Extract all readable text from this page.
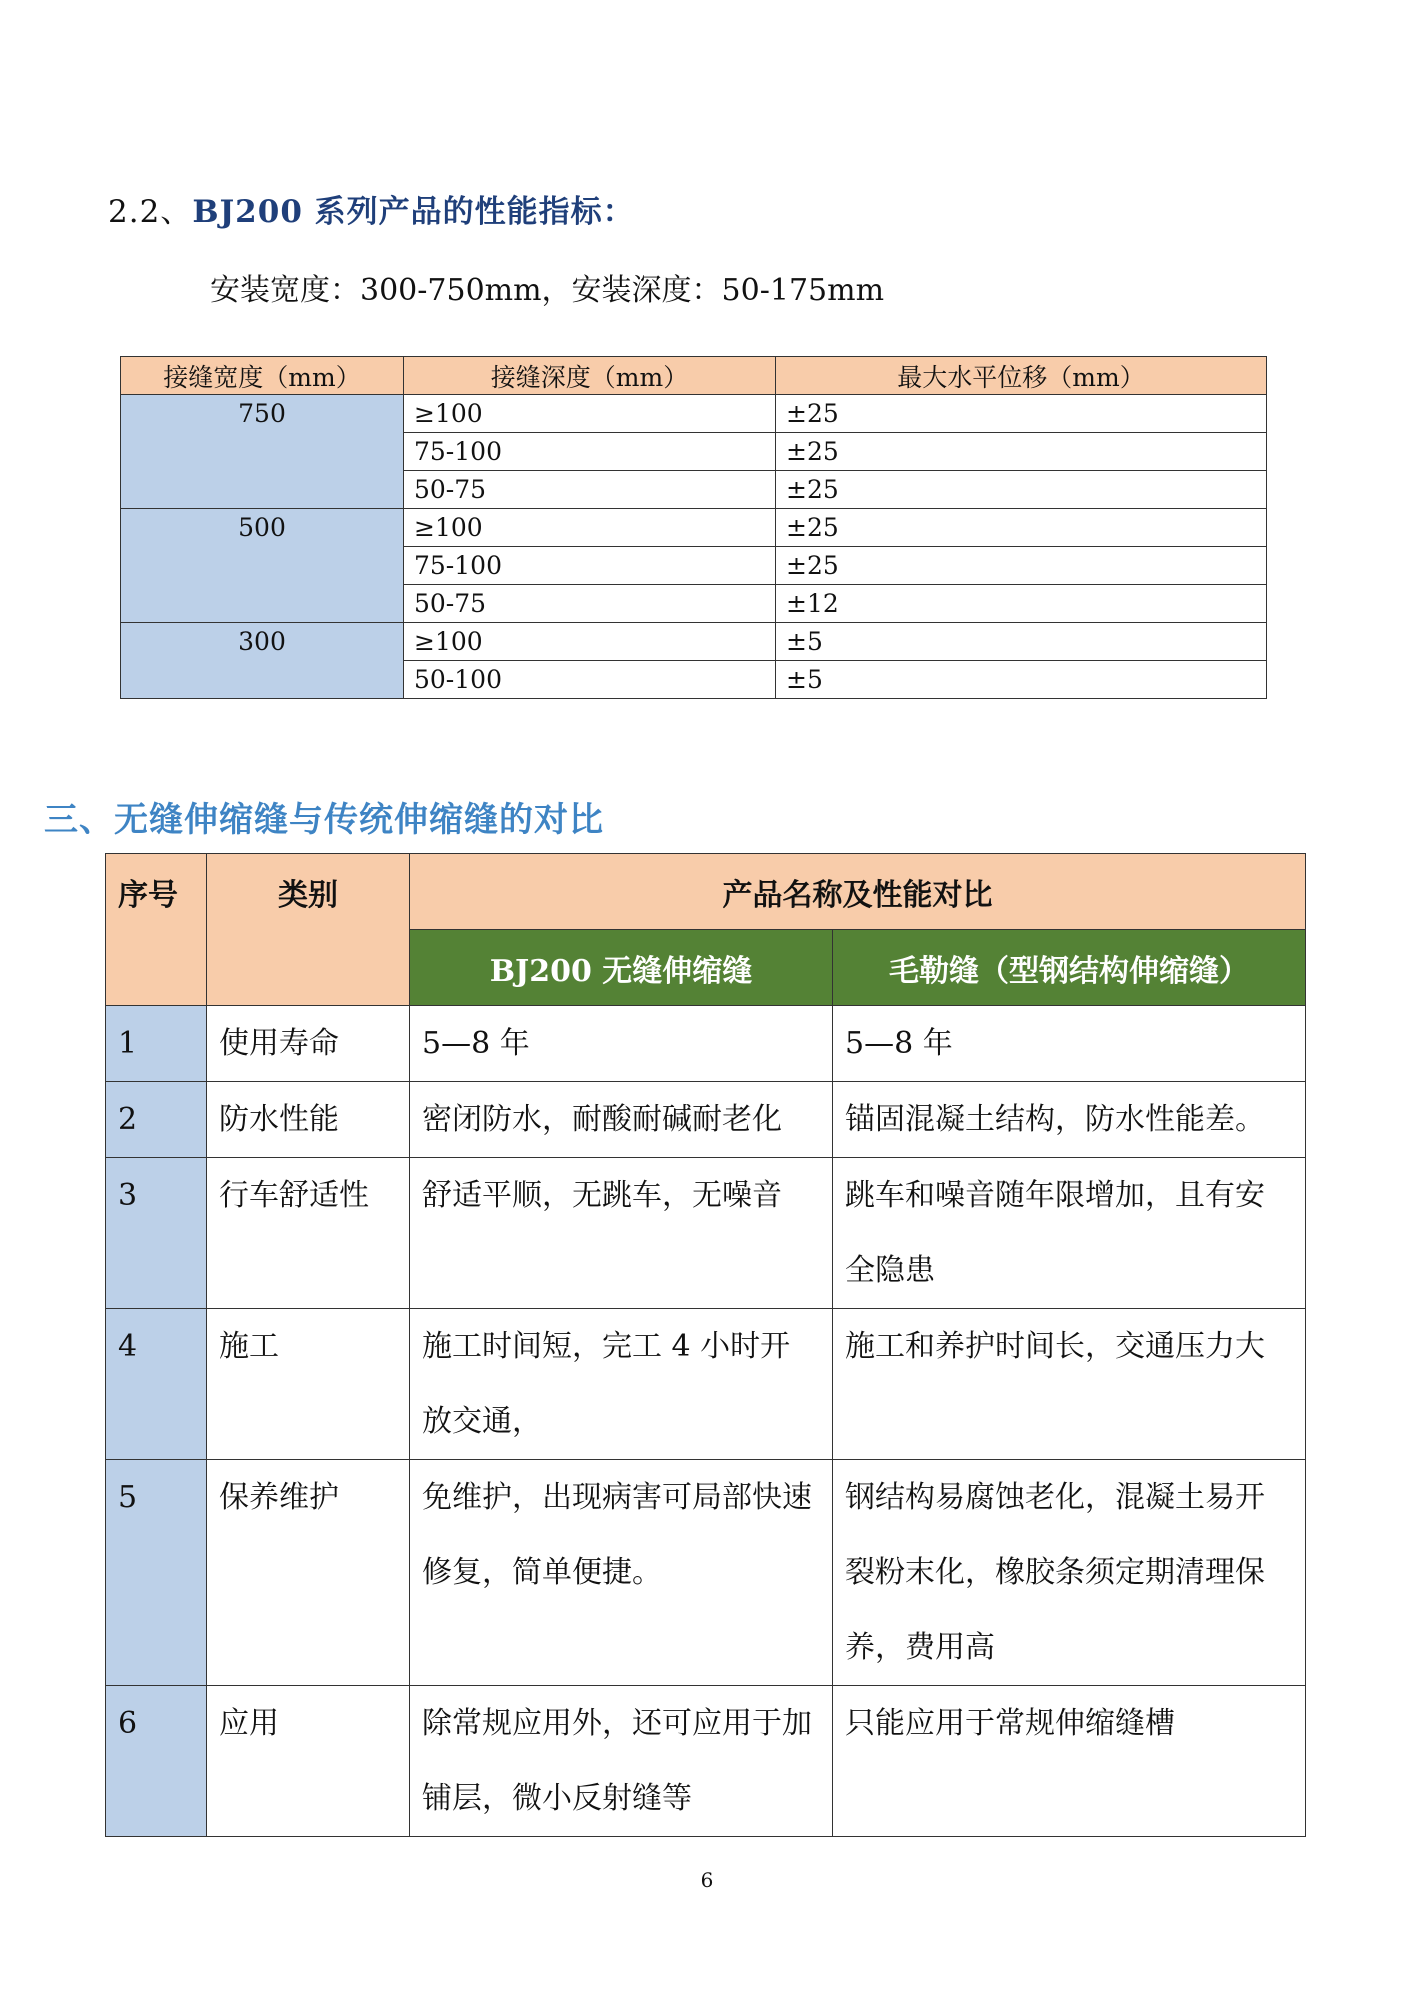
2.2、BJ200 系列产品的性能指标：
安装宽度：300-750mm，安装深度：50-175mm
接缝宽度（mm）	接缝深度（mm）	最大水平位移（mm）
750	≥100	±25
	75-100	±25
	50-75	±25
500	≥100	±25
	75-100	±25
	50-75	±12
300	≥100	±5
	50-100	±5
三、无缝伸缩缝与传统伸缩缝的对比
序号	类别	产品名称及性能对比	
		BJ200 无缝伸缩缝	毛勒缝（型钢结构伸缩缝）
1	使用寿命	5—8 年	5—8 年
2	防水性能	密闭防水，耐酸耐碱耐老化	锚固混凝土结构，防水性能差。
3	行车舒适性	舒适平顺，无跳车，无噪音	跳车和噪音随年限增加，且有安全隐患
4	施工	施工时间短，完工 4 小时开放交通，	施工和养护时间长，交通压力大
5	保养维护	免维护，出现病害可局部快速修复，简单便捷。	钢结构易腐蚀老化，混凝土易开裂粉末化，橡胶条须定期清理保养，费用高
6	应用	除常规应用外，还可应用于加铺层，微小反射缝等	只能应用于常规伸缩缝槽
6
